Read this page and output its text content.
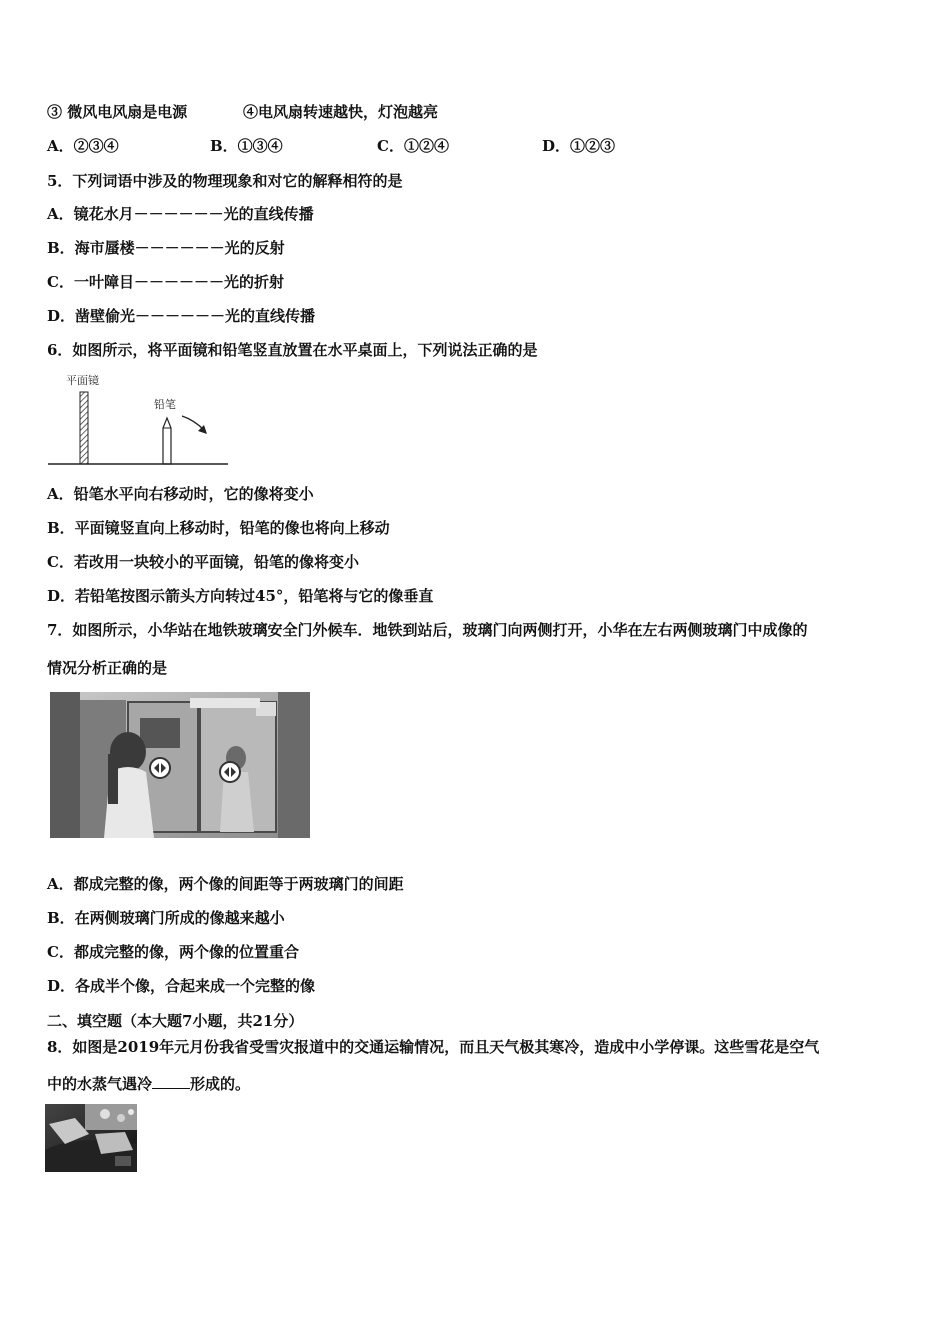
③ 微风电风扇是电源	④电风扇转速越快，灯泡越亮
A．②③④	B．①③④	C．①②④	D．①②③
5．下列词语中涉及的物理现象和对它的解释相符的是
A．镜花水月－－－－－－光的直线传播
B．海市蜃楼－－－－－－光的反射
C．一叶障目－－－－－－光的折射
D．凿壁偷光－－－－－－光的直线传播
6．如图所示，将平面镜和铅笔竖直放置在水平桌面上，下列说法正确的是
平面镜
铅笔
A．铅笔水平向右移动时，它的像将变小
B．平面镜竖直向上移动时，铅笔的像也将向上移动
C．若改用一块较小的平面镜，铅笔的像将变小
D．若铅笔按图示箭头方向转过45°，铅笔将与它的像垂直
7．如图所示，小华站在地铁玻璃安全门外候车．地铁到站后，玻璃门向两侧打开，小华在左右两侧玻璃门中成像的
情况分析正确的是
A．都成完整的像，两个像的间距等于两玻璃门的间距
B．在两侧玻璃门所成的像越来越小
C．都成完整的像，两个像的位置重合
D．各成半个像，合起来成一个完整的像
二、填空题（本大题7小题，共21分）
8．如图是2019年元月份我省受雪灾报道中的交通运输情况，而且天气极其寒冷，造成中小学停课。这些雪花是空气
中的水蒸气遇冷	形成的。
